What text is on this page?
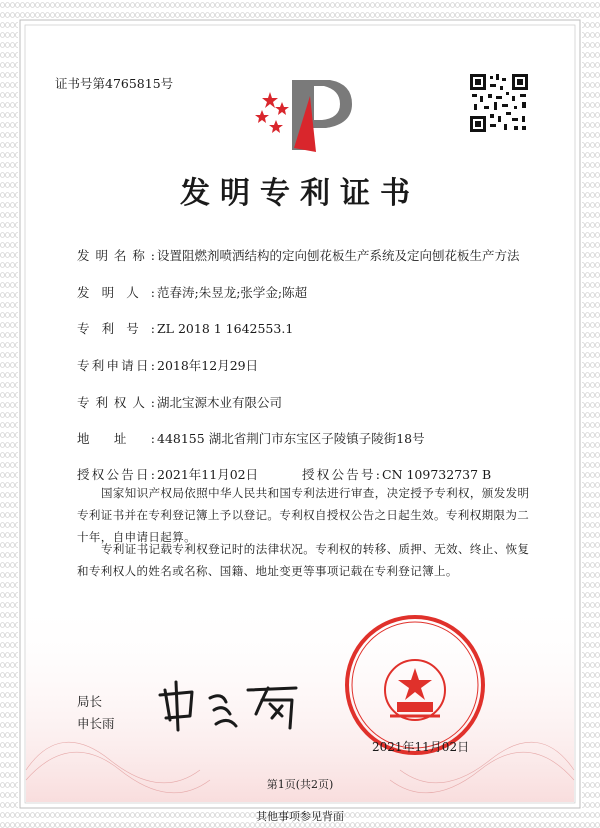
证书号第4765815号
发明专利证书
发明名称: 设置阻燃剂喷洒结构的定向刨花板生产系统及定向刨花板生产方法
发明人: 范春涛;朱昱龙;张学金;陈超
专利号: ZL 2018 1 1642553.1
专利申请日: 2018年12月29日
专利权人: 湖北宝源木业有限公司
地址: 448155 湖北省荆门市东宝区子陵镇子陵街18号
授权公告日: 2021年11月02日	授权公告号: CN 109732737 B
国家知识产权局依照中华人民共和国专利法进行审查，决定授予专利权，颁发发明专利证书并在专利登记簿上予以登记。专利权自授权公告之日起生效。专利权期限为二十年，自申请日起算。
专利证书记载专利权登记时的法律状况。专利权的转移、质押、无效、终止、恢复和专利权人的姓名或名称、国籍、地址变更等事项记载在专利登记簿上。
局长
申长雨
2021年11月02日
第1页(共2页)
其他事项参见背面
